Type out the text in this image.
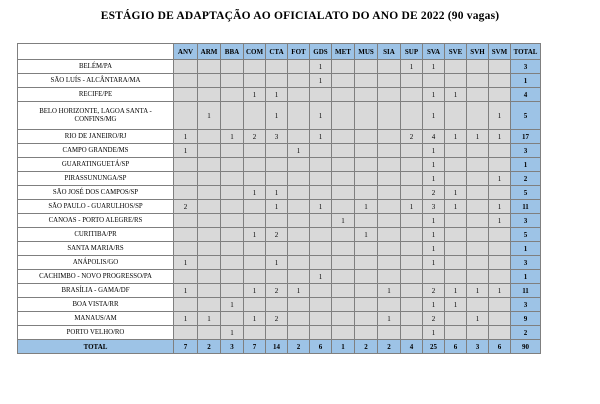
ESTÁGIO DE ADAPTAÇÃO AO OFICIALATO DO ANO DE 2022 (90 vagas)
	ANV	ARM	BBA	COM	CTA	FOT	GDS	MET	MUS	SIA	SUP	SVA	SVE	SVH	SVM	TOTAL
BELÉM/PA							1				1	1				3
SÃO LUÍS - ALCÂNTARA/MA							1									1
RECIFE/PE				1	1							1	1			4
BELO HORIZONTE, LAGOA SANTA - CONFINS/MG		1			1		1					1			1	5
RIO DE JANEIRO/RJ	1		1	2	3		1				2	4	1	1	1	17
CAMPO GRANDE/MS	1					1						1				3
GUARATINGUETÁ/SP												1				1
PIRASSUNUNGA/SP												1			1	2
SÃO JOSÉ DOS CAMPOS/SP				1	1							2	1			5
SÃO PAULO - GUARULHOS/SP	2				1		1		1		1	3	1		1	11
CANOAS - PORTO ALEGRE/RS								1				1			1	3
CURITIBA/PR				1	2				1			1				5
SANTA MARIA/RS												1				1
ANÁPOLIS/GO	1				1							1				3
CACHIMBO - NOVO PROGRESSO/PA							1									1
BRASÍLIA - GAMA/DF	1			1	2	1				1		2	1	1	1	11
BOA VISTA/RR			1									1	1			3
MANAUS/AM	1	1		1	2					1		2		1		9
PORTO VELHO/RO			1									1				2
TOTAL	7	2	3	7	14	2	6	1	2	2	4	25	6	3	6	90
